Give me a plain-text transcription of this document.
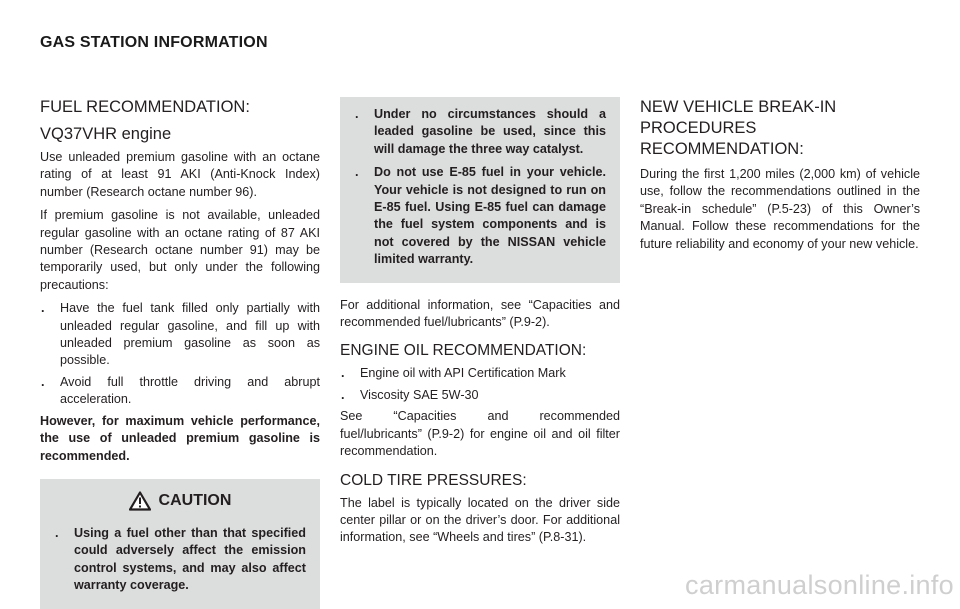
GAS STATION INFORMATION
FUEL RECOMMENDATION:
VQ37VHR engine

Use unleaded premium gasoline with an octane rating of at least 91 AKI (Anti-Knock Index) number (Research octane number 96).

If premium gasoline is not available, unleaded regular gasoline with an octane rating of 87 AKI number (Research octane number 91) may be temporarily used, but only under the following precautions:

. Have the fuel tank filled only partially with unleaded regular gasoline, and fill up with unleaded premium gasoline as soon as possible.
. Avoid full throttle driving and abrupt acceleration.

However, for maximum vehicle performance, the use of unleaded premium gasoline is recommended.

CAUTION
. Using a fuel other than that specified could adversely affect the emission control systems, and may also affect warranty coverage.
. Under no circumstances should a leaded gasoline be used, since this will damage the three way catalyst.
. Do not use E-85 fuel in your vehicle. Your vehicle is not designed to run on E-85 fuel. Using E-85 fuel can damage the fuel system components and is not covered by the NISSAN vehicle limited warranty.

For additional information, see “Capacities and recommended fuel/lubricants” (P.9-2).

ENGINE OIL RECOMMENDATION:
. Engine oil with API Certification Mark
. Viscosity SAE 5W-30

See “Capacities and recommended fuel/lubricants” (P.9-2) for engine oil and oil filter recommendation.

COLD TIRE PRESSURES:

The label is typically located on the driver side center pillar or on the driver’s door. For additional information, see “Wheels and tires” (P.8-31).

NEW VEHICLE BREAK-IN PROCEDURES RECOMMENDATION:

During the first 1,200 miles (2,000 km) of vehicle use, follow the recommendations outlined in the “Break-in schedule” (P.5-23) of this Owner’s Manual. Follow these recommendations for the future reliability and economy of your new vehicle.

carmanualsonline.info
